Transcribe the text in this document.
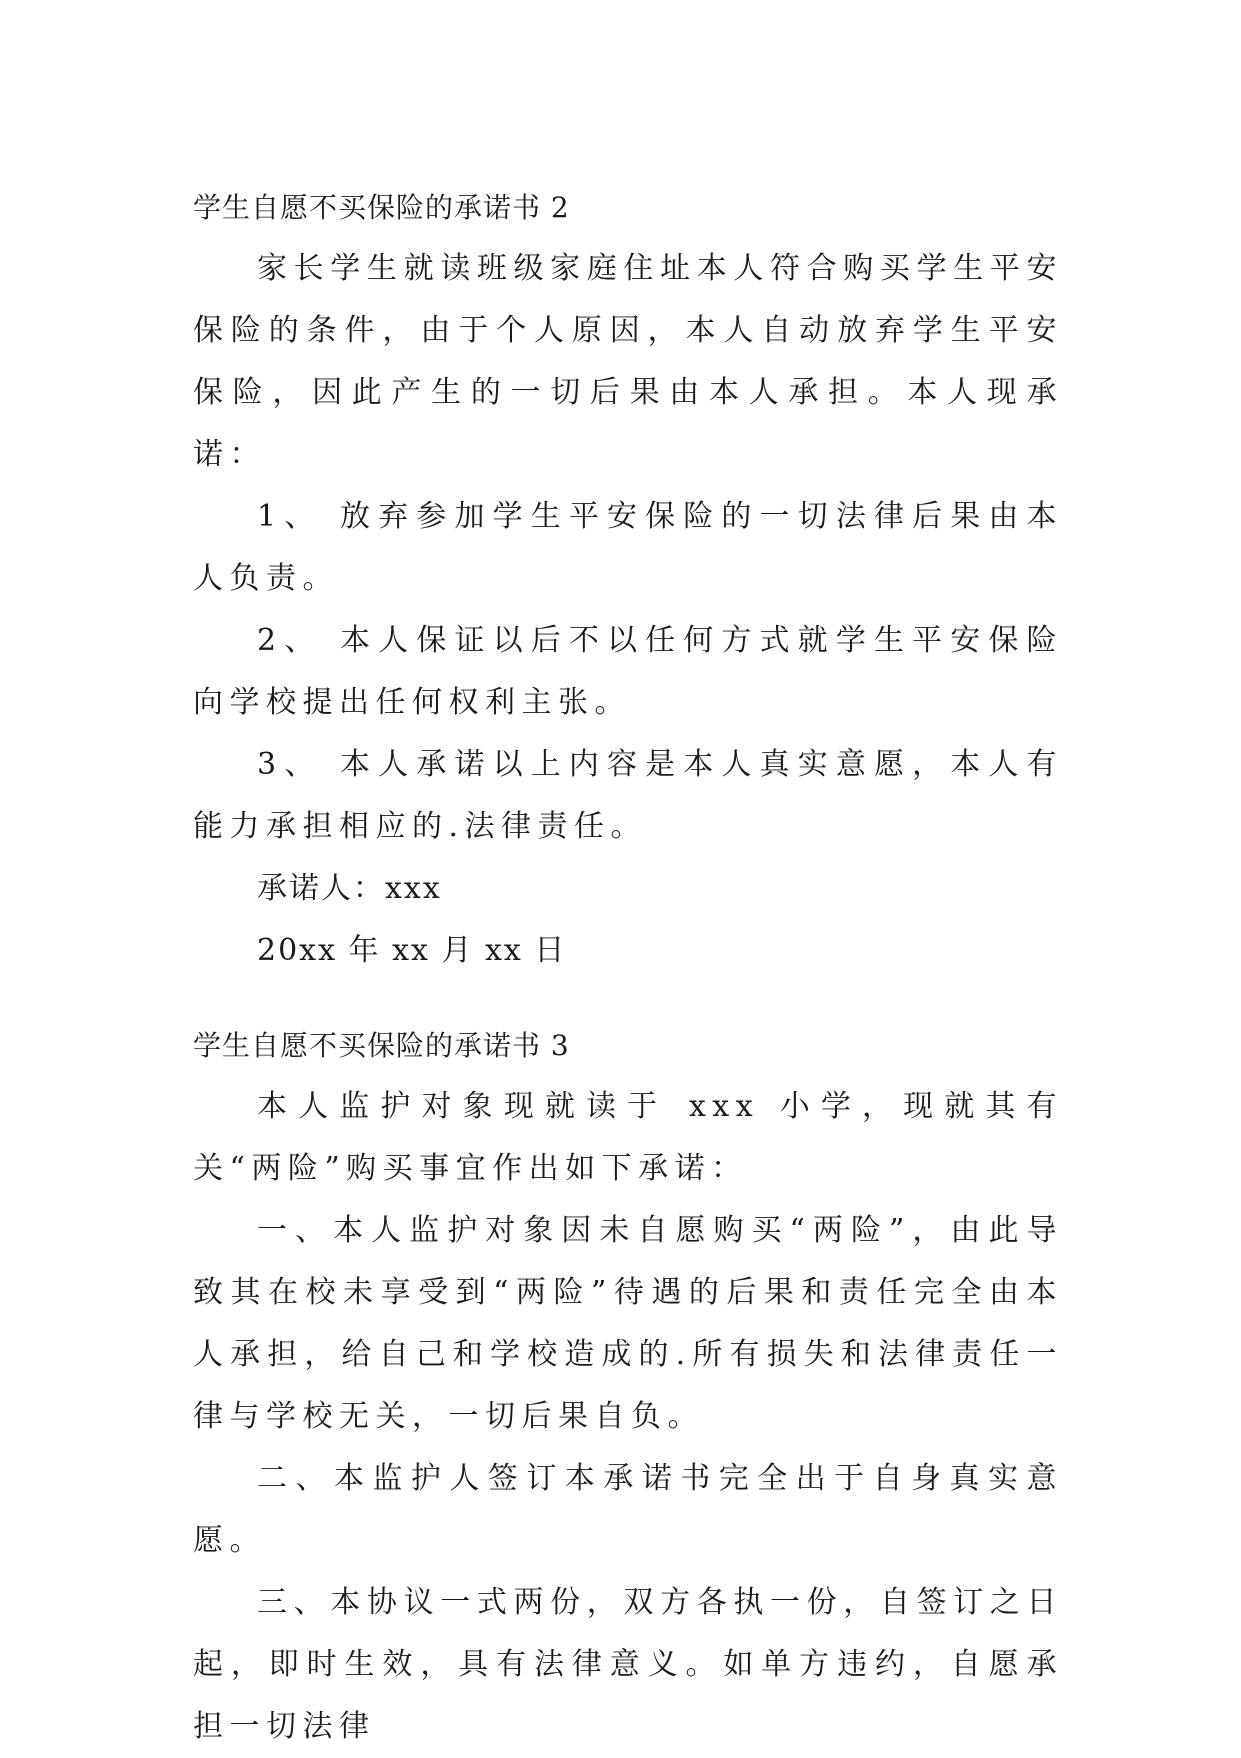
学生自愿不买保险的承诺书 2

家长学生就读班级家庭住址本人符合购买学生平安保险的条件，由于个人原因，本人自动放弃学生平安保险，因此产生的一切后果由本人承担。本人现承诺：

1、 放弃参加学生平安保险的一切法律后果由本人负责。

2、 本人保证以后不以任何方式就学生平安保险向学校提出任何权利主张。

3、 本人承诺以上内容是本人真实意愿，本人有能力承担相应的.法律责任。

承诺人：xxx

20xx 年 xx 月 xx 日

学生自愿不买保险的承诺书 3

本人监护对象现就读于 xxx 小学，现就其有关“两险”购买事宜作出如下承诺：

一、本人监护对象因未自愿购买“两险”，由此导致其在校未享受到“两险”待遇的后果和责任完全由本人承担，给自己和学校造成的.所有损失和法律责任一律与学校无关，一切后果自负。

二、本监护人签订本承诺书完全出于自身真实意愿。

三、本协议一式两份，双方各执一份，自签订之日起，即时生效，具有法律意义。如单方违约，自愿承担一切法律
